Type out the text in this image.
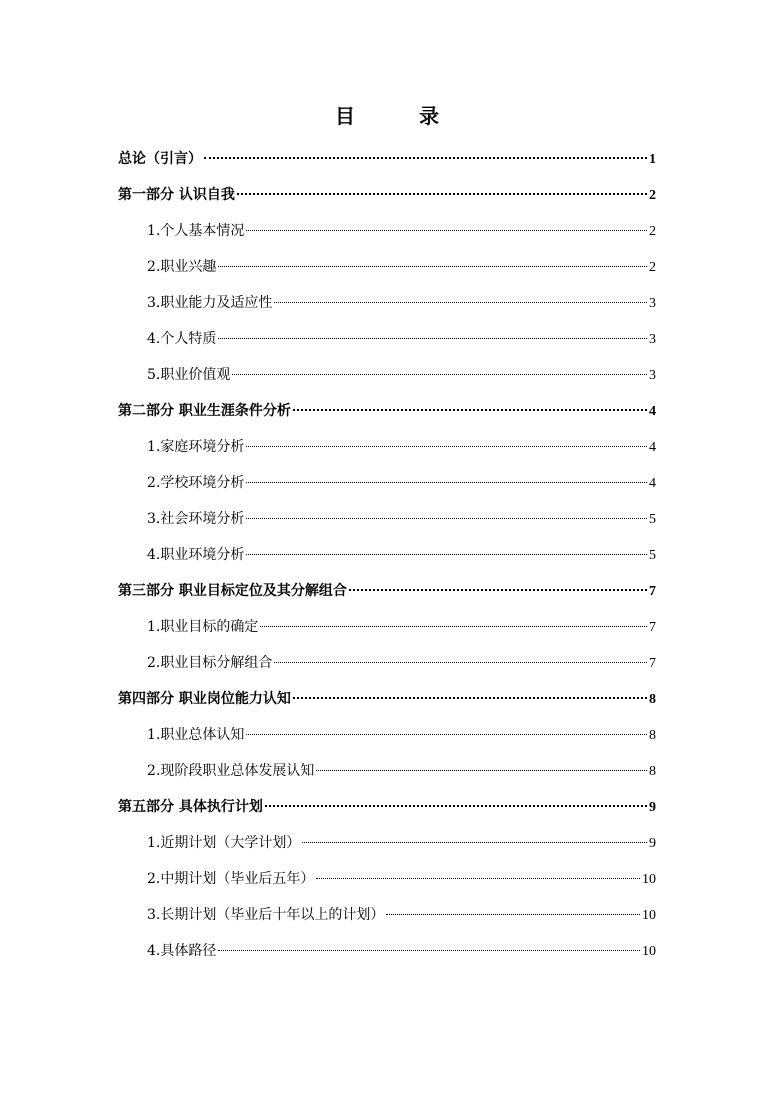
目　录
总论（引言）	1
第一部分 认识自我	2
1.个人基本情况	2
2.职业兴趣	2
3.职业能力及适应性	3
4.个人特质	3
5.职业价值观	3
第二部分 职业生涯条件分析	4
1.家庭环境分析	4
2.学校环境分析	4
3.社会环境分析	5
4.职业环境分析	5
第三部分 职业目标定位及其分解组合	7
1.职业目标的确定	7
2.职业目标分解组合	7
第四部分 职业岗位能力认知	8
1.职业总体认知	8
2.现阶段职业总体发展认知	8
第五部分 具体执行计划	9
1.近期计划（大学计划）	9
2.中期计划（毕业后五年）	10
3.长期计划（毕业后十年以上的计划）	10
4.具体路径	10
